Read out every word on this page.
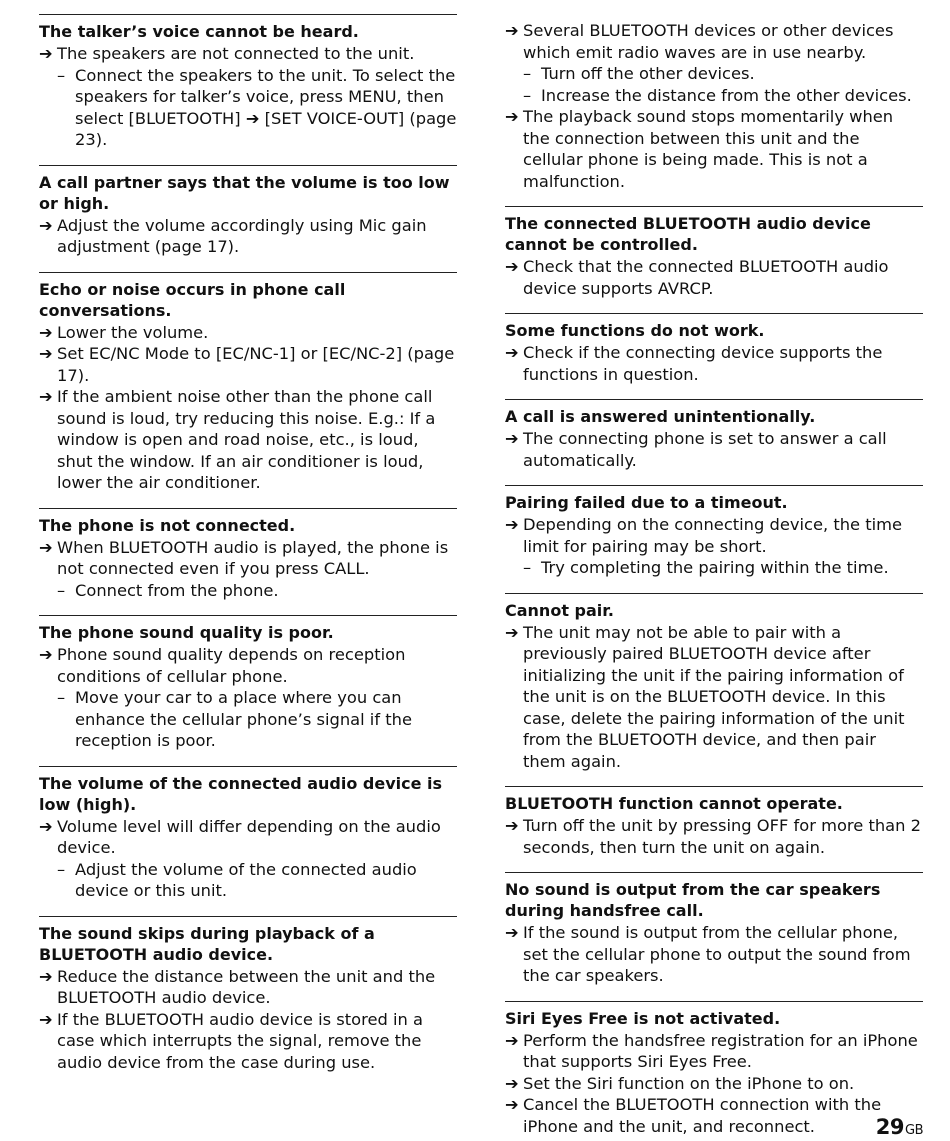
The talker’s voice cannot be heard.
➔ The speakers are not connected to the unit.
– Connect the speakers to the unit. To select the speakers for talker’s voice, press MENU, then select [BLUETOOTH] ➔ [SET VOICE-OUT] (page 23).
A call partner says that the volume is too low or high.
➔ Adjust the volume accordingly using Mic gain adjustment (page 17).
Echo or noise occurs in phone call conversations.
➔ Lower the volume.
➔ Set EC/NC Mode to [EC/NC-1] or [EC/NC-2] (page 17).
➔ If the ambient noise other than the phone call sound is loud, try reducing this noise. E.g.: If a window is open and road noise, etc., is loud, shut the window. If an air conditioner is loud, lower the air conditioner.
The phone is not connected.
➔ When BLUETOOTH audio is played, the phone is not connected even if you press CALL.
– Connect from the phone.
The phone sound quality is poor.
➔ Phone sound quality depends on reception conditions of cellular phone.
– Move your car to a place where you can enhance the cellular phone’s signal if the reception is poor.
The volume of the connected audio device is low (high).
➔ Volume level will differ depending on the audio device.
– Adjust the volume of the connected audio device or this unit.
The sound skips during playback of a BLUETOOTH audio device.
➔ Reduce the distance between the unit and the BLUETOOTH audio device.
➔ If the BLUETOOTH audio device is stored in a case which interrupts the signal, remove the audio device from the case during use.
➔ Several BLUETOOTH devices or other devices which emit radio waves are in use nearby.
– Turn off the other devices.
– Increase the distance from the other devices.
➔ The playback sound stops momentarily when the connection between this unit and the cellular phone is being made. This is not a malfunction.
The connected BLUETOOTH audio device cannot be controlled.
➔ Check that the connected BLUETOOTH audio device supports AVRCP.
Some functions do not work.
➔ Check if the connecting device supports the functions in question.
A call is answered unintentionally.
➔ The connecting phone is set to answer a call automatically.
Pairing failed due to a timeout.
➔ Depending on the connecting device, the time limit for pairing may be short.
– Try completing the pairing within the time.
Cannot pair.
➔ The unit may not be able to pair with a previously paired BLUETOOTH device after initializing the unit if the pairing information of the unit is on the BLUETOOTH device. In this case, delete the pairing information of the unit from the BLUETOOTH device, and then pair them again.
BLUETOOTH function cannot operate.
➔ Turn off the unit by pressing OFF for more than 2 seconds, then turn the unit on again.
No sound is output from the car speakers during handsfree call.
➔ If the sound is output from the cellular phone, set the cellular phone to output the sound from the car speakers.
Siri Eyes Free is not activated.
➔ Perform the handsfree registration for an iPhone that supports Siri Eyes Free.
➔ Set the Siri function on the iPhone to on.
➔ Cancel the BLUETOOTH connection with the iPhone and the unit, and reconnect.	29GB
